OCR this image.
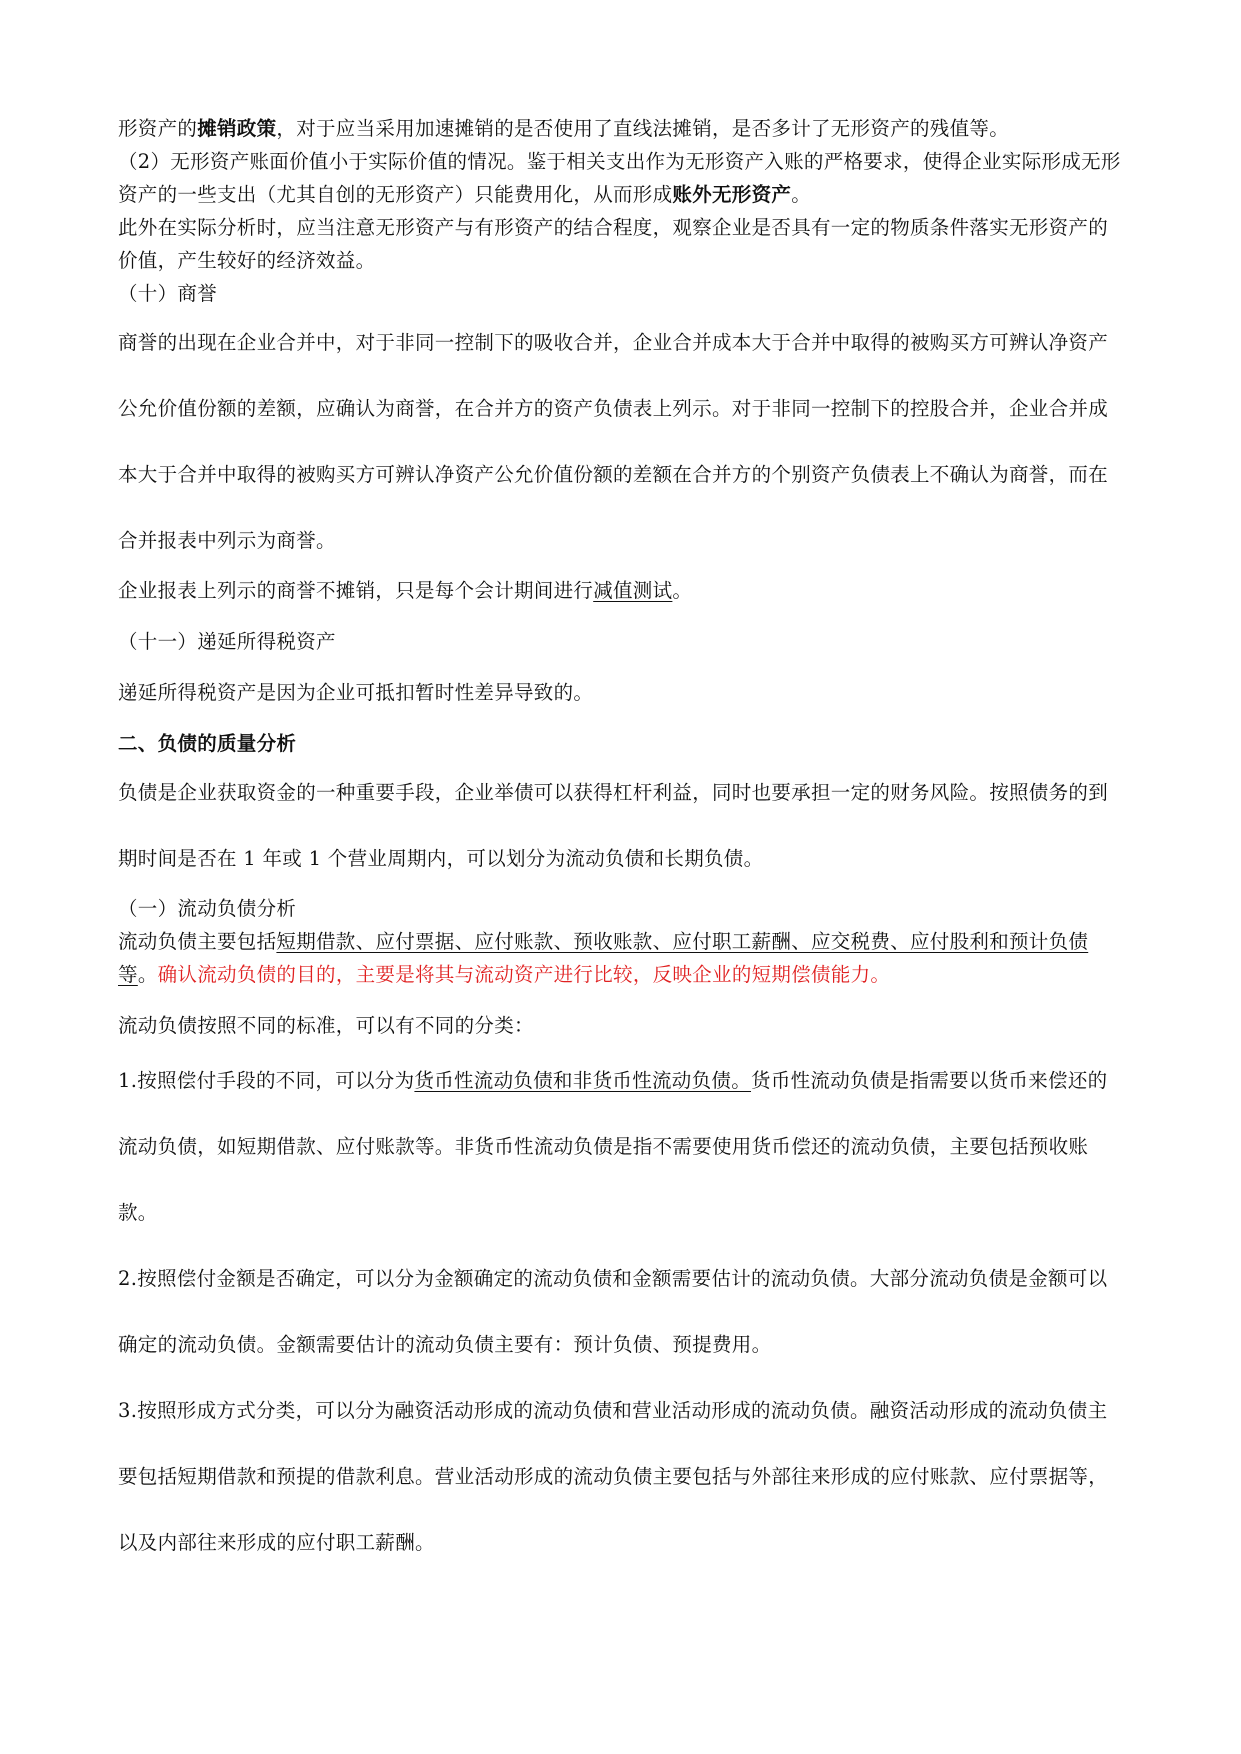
形资产的摊销政策，对于应当采用加速摊销的是否使用了直线法摊销，是否多计了无形资产的残值等。

（2）无形资产账面价值小于实际价值的情况。鉴于相关支出作为无形资产入账的严格要求，使得企业实际形成无形资产的一些支出（尤其自创的无形资产）只能费用化，从而形成账外无形资产。

此外在实际分析时，应当注意无形资产与有形资产的结合程度，观察企业是否具有一定的物质条件落实无形资产的价值，产生较好的经济效益。

（十）商誉

商誉的出现在企业合并中，对于非同一控制下的吸收合并，企业合并成本大于合并中取得的被购买方可辨认净资产公允价值份额的差额，应确认为商誉，在合并方的资产负债表上列示。对于非同一控制下的控股合并，企业合并成本大于合并中取得的被购买方可辨认净资产公允价值份额的差额在合并方的个别资产负债表上不确认为商誉，而在合并报表中列示为商誉。

企业报表上列示的商誉不摊销，只是每个会计期间进行减值测试。

（十一）递延所得税资产

递延所得税资产是因为企业可抵扣暂时性差异导致的。

二、负债的质量分析

负债是企业获取资金的一种重要手段，企业举债可以获得杠杆利益，同时也要承担一定的财务风险。按照债务的到期时间是否在 1 年或 1 个营业周期内，可以划分为流动负债和长期负债。

（一）流动负债分析

流动负债主要包括短期借款、应付票据、应付账款、预收账款、应付职工薪酬、应交税费、应付股利和预计负债等。确认流动负债的目的，主要是将其与流动资产进行比较，反映企业的短期偿债能力。

流动负债按照不同的标准，可以有不同的分类：

1.按照偿付手段的不同，可以分为货币性流动负债和非货币性流动负债。货币性流动负债是指需要以货币来偿还的流动负债，如短期借款、应付账款等。非货币性流动负债是指不需要使用货币偿还的流动负债，主要包括预收账款。

2.按照偿付金额是否确定，可以分为金额确定的流动负债和金额需要估计的流动负债。大部分流动负债是金额可以确定的流动负债。金额需要估计的流动负债主要有：预计负债、预提费用。

3.按照形成方式分类，可以分为融资活动形成的流动负债和营业活动形成的流动负债。融资活动形成的流动负债主要包括短期借款和预提的借款利息。营业活动形成的流动负债主要包括与外部往来形成的应付账款、应付票据等，以及内部往来形成的应付职工薪酬。
